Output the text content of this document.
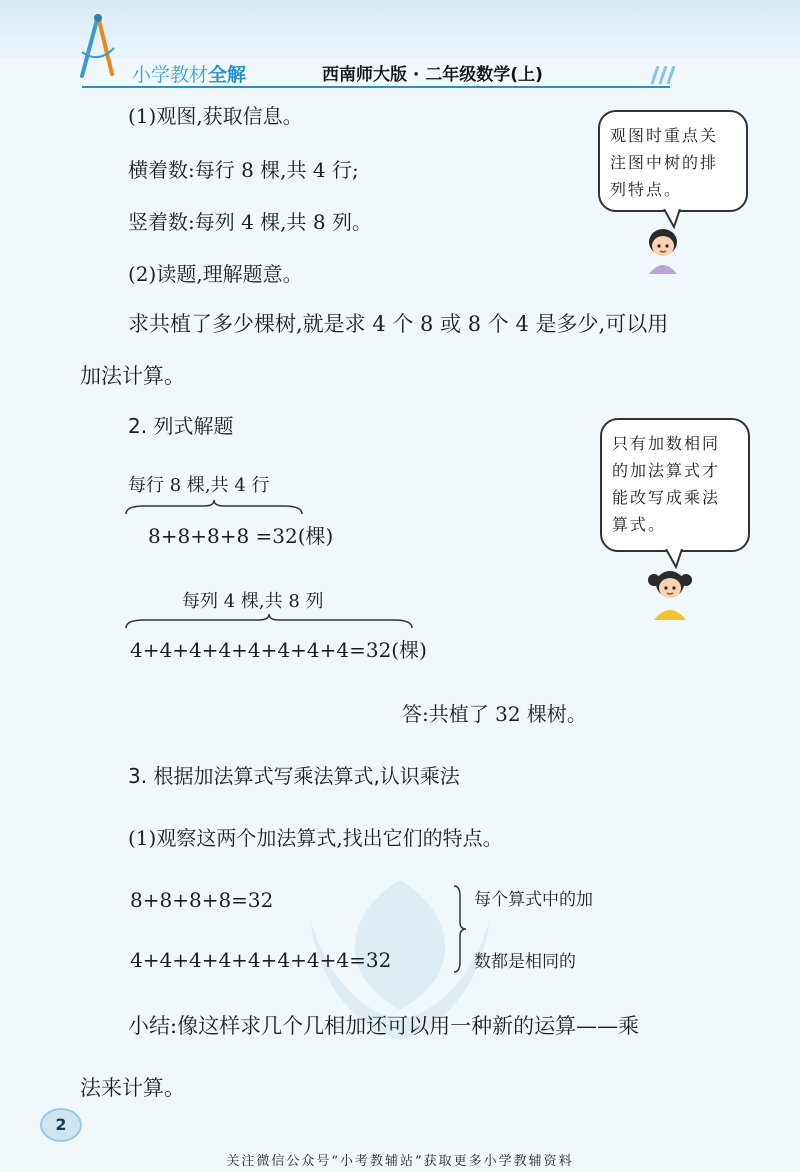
小学教材全解	西南师大版 · 二年级数学(上)
(1)观图,获取信息。
横着数:每行 8 棵,共 4 行;
竖着数:每列 4 棵,共 8 列。
(2)读题,理解题意。
求共植了多少棵树,就是求 4 个 8 或 8 个 4 是多少,可以用
加法计算。
观图时重点关
注图中树的排
列特点。
2. 列式解题
每行 8 棵,共 4 行
8+8+8+8 =32(棵)
只有加数相同
的加法算式才
能改写成乘法
算式。
每列 4 棵,共 8 列
4+4+4+4+4+4+4+4=32(棵)
答:共植了 32 棵树。
3. 根据加法算式写乘法算式,认识乘法
(1)观察这两个加法算式,找出它们的特点。
8+8+8+8=32
4+4+4+4+4+4+4+4=32
每个算式中的加
数都是相同的
小结:像这样求几个几相加还可以用一种新的运算——乘
法来计算。
2
关注微信公众号“小考教辅站”获取更多小学教辅资料
